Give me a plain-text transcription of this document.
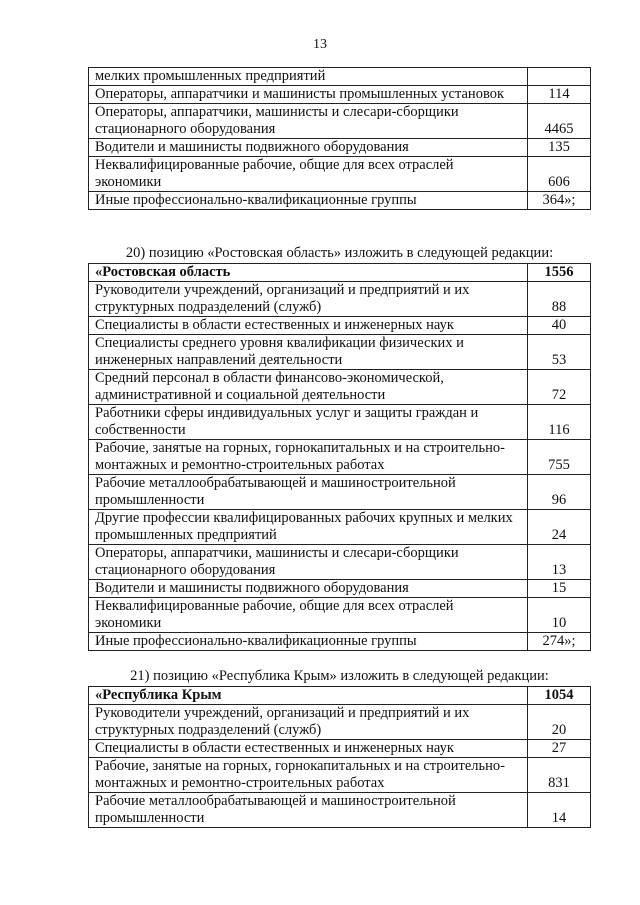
13
мелких промышленных предприятий	
Операторы, аппаратчики и машинисты промышленных установок	114
Операторы, аппаратчики, машинисты и слесари-сборщики стационарного оборудования	4465
Водители и машинисты подвижного оборудования	135
Неквалифицированные рабочие, общие для всех отраслей экономики	606
Иные профессионально-квалификационные группы	364»;
20) позицию «Ростовская область» изложить в следующей редакции:
«Ростовская область	1556
Руководители учреждений, организаций и предприятий и их структурных подразделений (служб)	88
Специалисты в области естественных и инженерных наук	40
Специалисты среднего уровня квалификации физических и инженерных направлений деятельности	53
Средний персонал в области финансово-экономической, административной и социальной деятельности	72
Работники сферы индивидуальных услуг и защиты граждан и собственности	116
Рабочие, занятые на горных, горнокапитальных и на строительно-монтажных и ремонтно-строительных работах	755
Рабочие металлообрабатывающей и машиностроительной промышленности	96
Другие профессии квалифицированных рабочих крупных и мелких промышленных предприятий	24
Операторы, аппаратчики, машинисты и слесари-сборщики стационарного оборудования	13
Водители и машинисты подвижного оборудования	15
Неквалифицированные рабочие, общие для всех отраслей экономики	10
Иные профессионально-квалификационные группы	274»;
21) позицию «Республика Крым» изложить в следующей редакции:
«Республика Крым	1054
Руководители учреждений, организаций и предприятий и их структурных подразделений (служб)	20
Специалисты в области естественных и инженерных наук	27
Рабочие, занятые на горных, горнокапитальных и на строительно-монтажных и ремонтно-строительных работах	831
Рабочие металлообрабатывающей и машиностроительной промышленности	14
